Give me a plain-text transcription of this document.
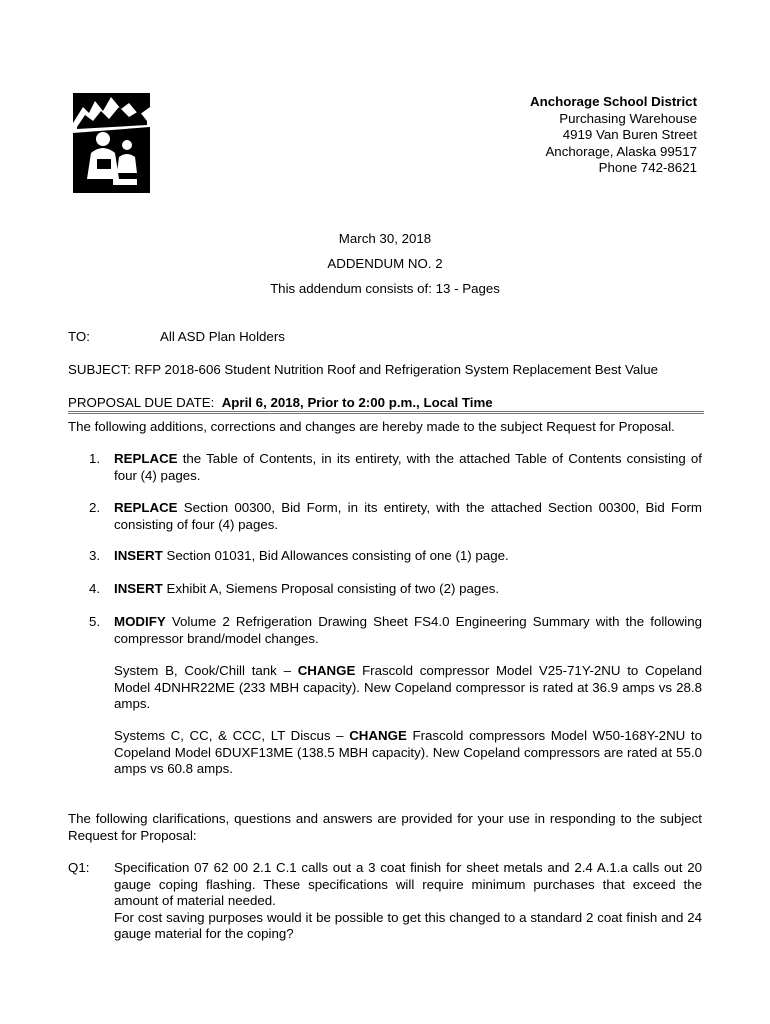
Anchorage School District
Purchasing Warehouse
4919 Van Buren Street
Anchorage, Alaska 99517
Phone 742-8621
March 30, 2018
ADDENDUM NO. 2
This addendum consists of: 13 - Pages
TO:	All ASD Plan Holders
SUBJECT: RFP 2018-606 Student Nutrition Roof and Refrigeration System Replacement Best Value
PROPOSAL DUE DATE: April 6, 2018, Prior to 2:00 p.m., Local Time
The following additions, corrections and changes are hereby made to the subject Request for Proposal.
1. REPLACE the Table of Contents, in its entirety, with the attached Table of Contents consisting of four (4) pages.
2. REPLACE Section 00300, Bid Form, in its entirety, with the attached Section 00300, Bid Form consisting of four (4) pages.
3. INSERT Section 01031, Bid Allowances consisting of one (1) page.
4. INSERT Exhibit A, Siemens Proposal consisting of two (2) pages.
5. MODIFY Volume 2 Refrigeration Drawing Sheet FS4.0 Engineering Summary with the following compressor brand/model changes.
System B, Cook/Chill tank – CHANGE Frascold compressor Model V25-71Y-2NU to Copeland Model 4DNHR22ME (233 MBH capacity). New Copeland compressor is rated at 36.9 amps vs 28.8 amps.
Systems C, CC, & CCC, LT Discus – CHANGE Frascold compressors Model W50-168Y-2NU to Copeland Model 6DUXF13ME (138.5 MBH capacity). New Copeland compressors are rated at 55.0 amps vs 60.8 amps.
The following clarifications, questions and answers are provided for your use in responding to the subject Request for Proposal:
Q1: Specification 07 62 00 2.1 C.1 calls out a 3 coat finish for sheet metals and 2.4 A.1.a calls out 20 gauge coping flashing. These specifications will require minimum purchases that exceed the amount of material needed.
For cost saving purposes would it be possible to get this changed to a standard 2 coat finish and 24 gauge material for the coping?
